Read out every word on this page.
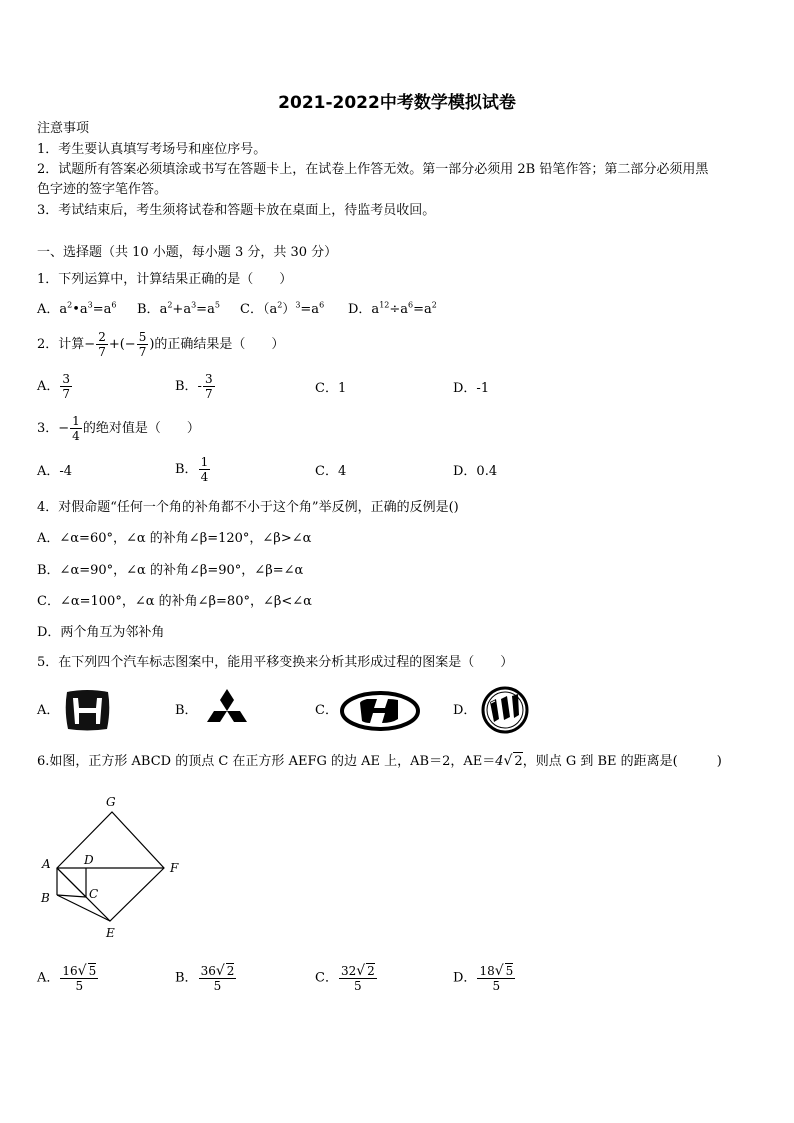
2021-2022中考数学模拟试卷
注意事项
1．考生要认真填写考场号和座位序号。
2．试题所有答案必须填涂或书写在答题卡上，在试卷上作答无效。第一部分必须用 2B 铅笔作答；第二部分必须用黑
色字迹的签字笔作答。
3．考试结束后，考生须将试卷和答题卡放在桌面上，待监考员收回。
一、选择题（共 10 小题，每小题 3 分，共 30 分）
1．下列运算中，计算结果正确的是（　　）
A．$a^2•a^3=a^6$ B．$a^2+a^3=a^5$ C．$(a^2)^3=a^6$ D．$a^{12}\div a^6=a^2$
2．计算− $\frac{2}{7}$ +(− $\frac{5}{7}$ )的正确结果是（　　）
A． $\frac{3}{7}$	B．- $\frac{3}{7}$	C．1	D．-1
3．− $\frac{1}{4}$ 的绝对值是（　　）
A．-4	B． $\frac{1}{4}$	C．4	D．0.4
4．对假命题“任何一个角的补角都不小于这个角”举反例，正确的反例是()
A．∠α=60°，∠α 的补角∠β=120°，∠β>∠α
B．∠α=90°，∠α 的补角∠β=90°，∠β=∠α
C．∠α=100°，∠α 的补角∠β=80°，∠β<∠α
D．两个角互为邻补角
5．在下列四个汽车标志图案中，能用平移变换来分析其形成过程的图案是（　　）
A．	B．	C．	D．
6.如图，正方形 ABCD 的顶点 C 在正方形 AEFG 的边 AE 上，AB＝2，AE＝4√ 2，则点 G 到 BE 的距离是(　　　)
G
A	D
F
B	C
E
A． $\frac{16√ 5}{5}$	B． $\frac{36√ 2}{5}$	C． $\frac{32√ 2}{5}$	D． $\frac{18√ 5}{5}$
